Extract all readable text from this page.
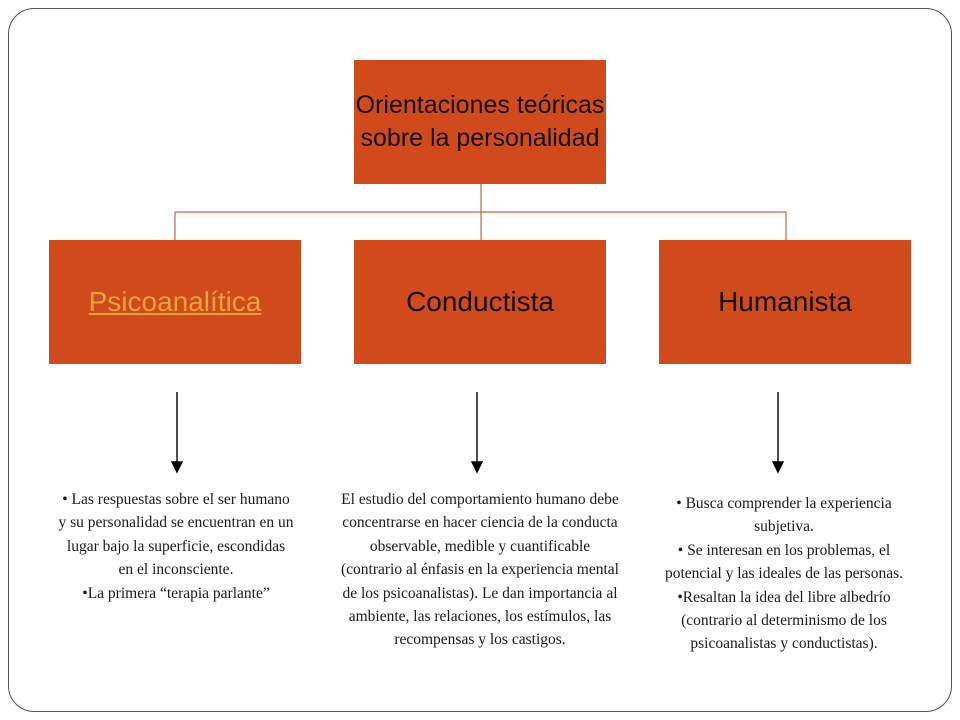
Orientaciones teóricas sobre la personalidad
Psicoanalítica	Conductista	Humanista

• Las respuestas sobre el ser humano y su personalidad se encuentran en un lugar bajo la superficie, escondidas en el inconsciente.

•La primera “terapia parlante”

El estudio del comportamiento humano debe concentrarse en hacer ciencia de la conducta observable, medible y cuantificable (contrario al énfasis en la experiencia mental de los psicoanalistas). Le dan importancia al ambiente, las relaciones, los estímulos, las recompensas y los castigos.

• Busca comprender la experiencia subjetiva.

• Se interesan en los problemas, el potencial y las ideales de las personas.

•Resaltan la idea del libre albedrío (contrario al determinismo de los psicoanalistas y conductistas).
